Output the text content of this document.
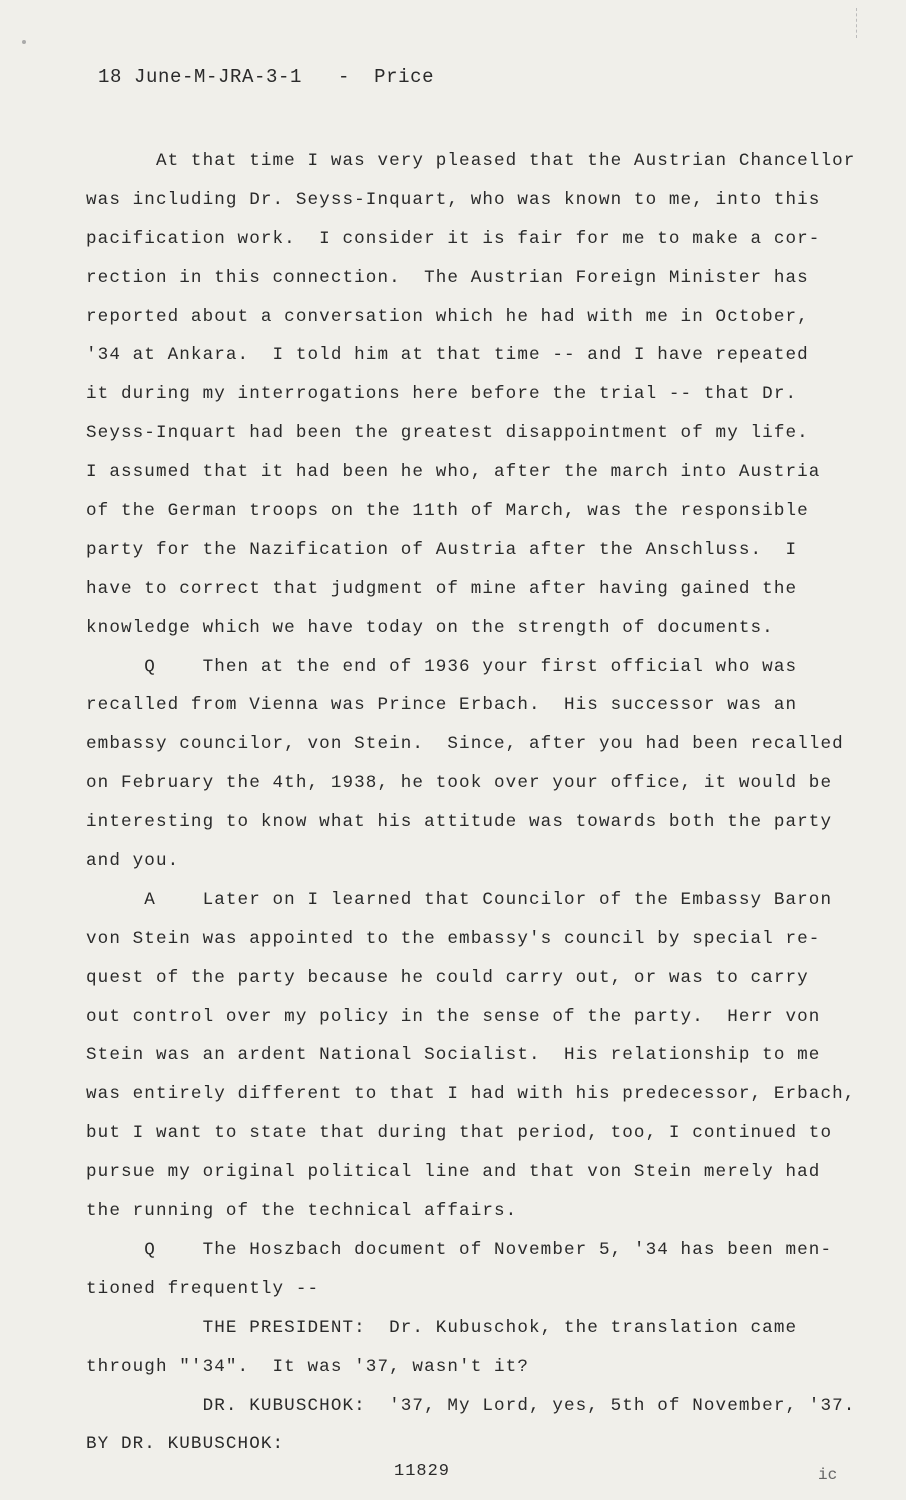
18 June-M-JRA-3-1 - Price
At that time I was very pleased that the Austrian Chancellor
was including Dr. Seyss-Inquart, who was known to me, into this
pacification work.  I consider it is fair for me to make a cor-
rection in this connection.  The Austrian Foreign Minister has
reported about a conversation which he had with me in October,
'34 at Ankara.  I told him at that time -- and I have repeated
it during my interrogations here before the trial -- that Dr.
Seyss-Inquart had been the greatest disappointment of my life.
I assumed that it had been he who, after the march into Austria
of the German troops on the 11th of March, was the responsible
party for the Nazification of Austria after the Anschluss.  I
have to correct that judgment of mine after having gained the
knowledge which we have today on the strength of documents.
Q    Then at the end of 1936 your first official who was
recalled from Vienna was Prince Erbach.  His successor was an
embassy councilor, von Stein.  Since, after you had been recalled
on February the 4th, 1938, he took over your office, it would be
interesting to know what his attitude was towards both the party
and you.
A    Later on I learned that Councilor of the Embassy Baron
von Stein was appointed to the embassy's council by special re-
quest of the party because he could carry out, or was to carry
out control over my policy in the sense of the party.  Herr von
Stein was an ardent National Socialist.  His relationship to me
was entirely different to that I had with his predecessor, Erbach,
but I want to state that during that period, too, I continued to
pursue my original political line and that von Stein merely had
the running of the technical affairs.
Q    The Hoszbach document of November 5, '34 has been men-
tioned frequently --
THE PRESIDENT:  Dr. Kubuschok, the translation came
through "'34".  It was '37, wasn't it?
DR. KUBUSCHOK:  '37, My Lord, yes, 5th of November, '37.
BY DR. KUBUSCHOK:
11829	ic
